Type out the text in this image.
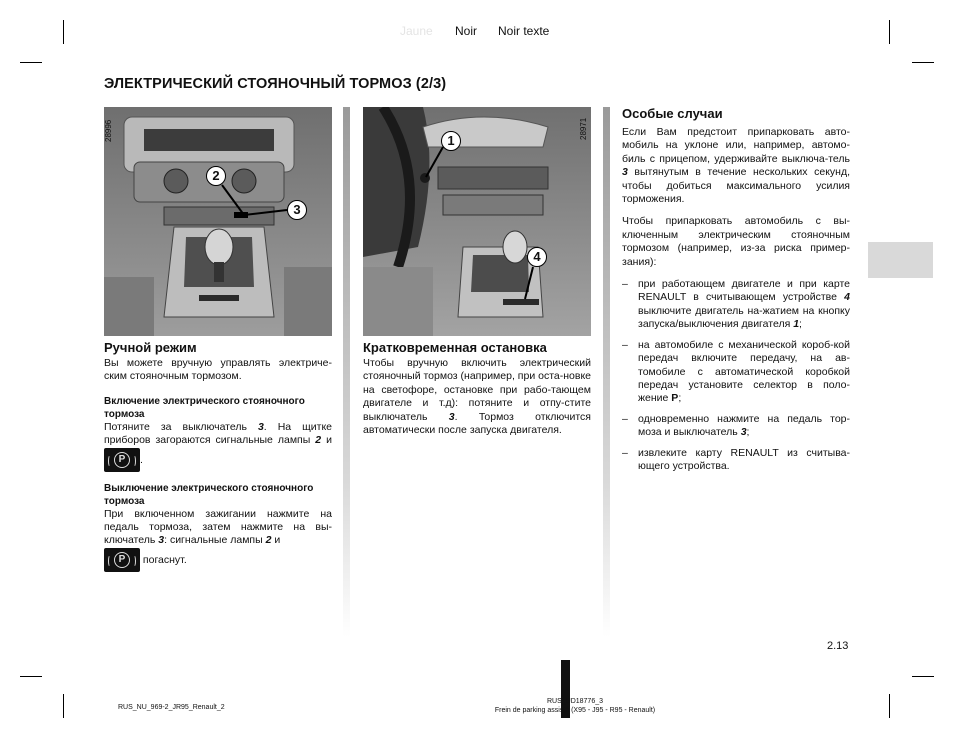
Jaune Noir Noir texte
ЭЛЕКТРИЧЕСКИЙ СТОЯНОЧНЫЙ ТОРМОЗ (2/3)
2
3
28996	1
4
28971
Ручной режим
Вы можете вручную управлять электриче-ским стояночным тормозом.
Включение электрического стояночного тормоза
Потяните за выключатель 3. На щитке приборов загораются сигнальные лампы 2 и
P	.
Выключение электрического стояночного тормоза
При включенном зажигании нажмите на педаль тормоза, затем нажмите на вы-ключатель 3: сигнальные лампы 2 и

P	погаснут.
Кратковременная остановка
Чтобы вручную включить электрический стояночный тормоз (например, при оста-новке на светофоре, остановке при рабо-тающем двигателе и т.д): потяните и отпу-стите выключатель 3. Тормоз отключится автоматически после запуска двигателя.
Особые случаи
Если Вам предстоит припарковать авто-мобиль на уклоне или, например, автомо-биль с прицепом, удерживайте выключа-тель 3 вытянутым в течение нескольких секунд, чтобы добиться максимального усилия торможения.
Чтобы припарковать автомобиль с вы-ключенным электрическим стояночным тормозом (например, из-за риска пример-зания):
– при работающем двигателе и при карте RENAULT в считывающем устройстве 4 выключите двигатель на-жатием на кнопку запуска/выключения двигателя 1;
– на автомобиле с механической короб-кой передач включите передачу, на ав-томобиле с автоматической коробкой передач установите селектор в поло-жение P;
– одновременно нажмите на педаль тор-моза и выключатель 3;
– извлеките карту RENAULT из считыва-ющего устройства.
2.13
RUS_NU_969-2_JR95_Renault_2
RUS_UD18776_3
Frein de parking assisté (X95 - J95 - R95 - Renault)
